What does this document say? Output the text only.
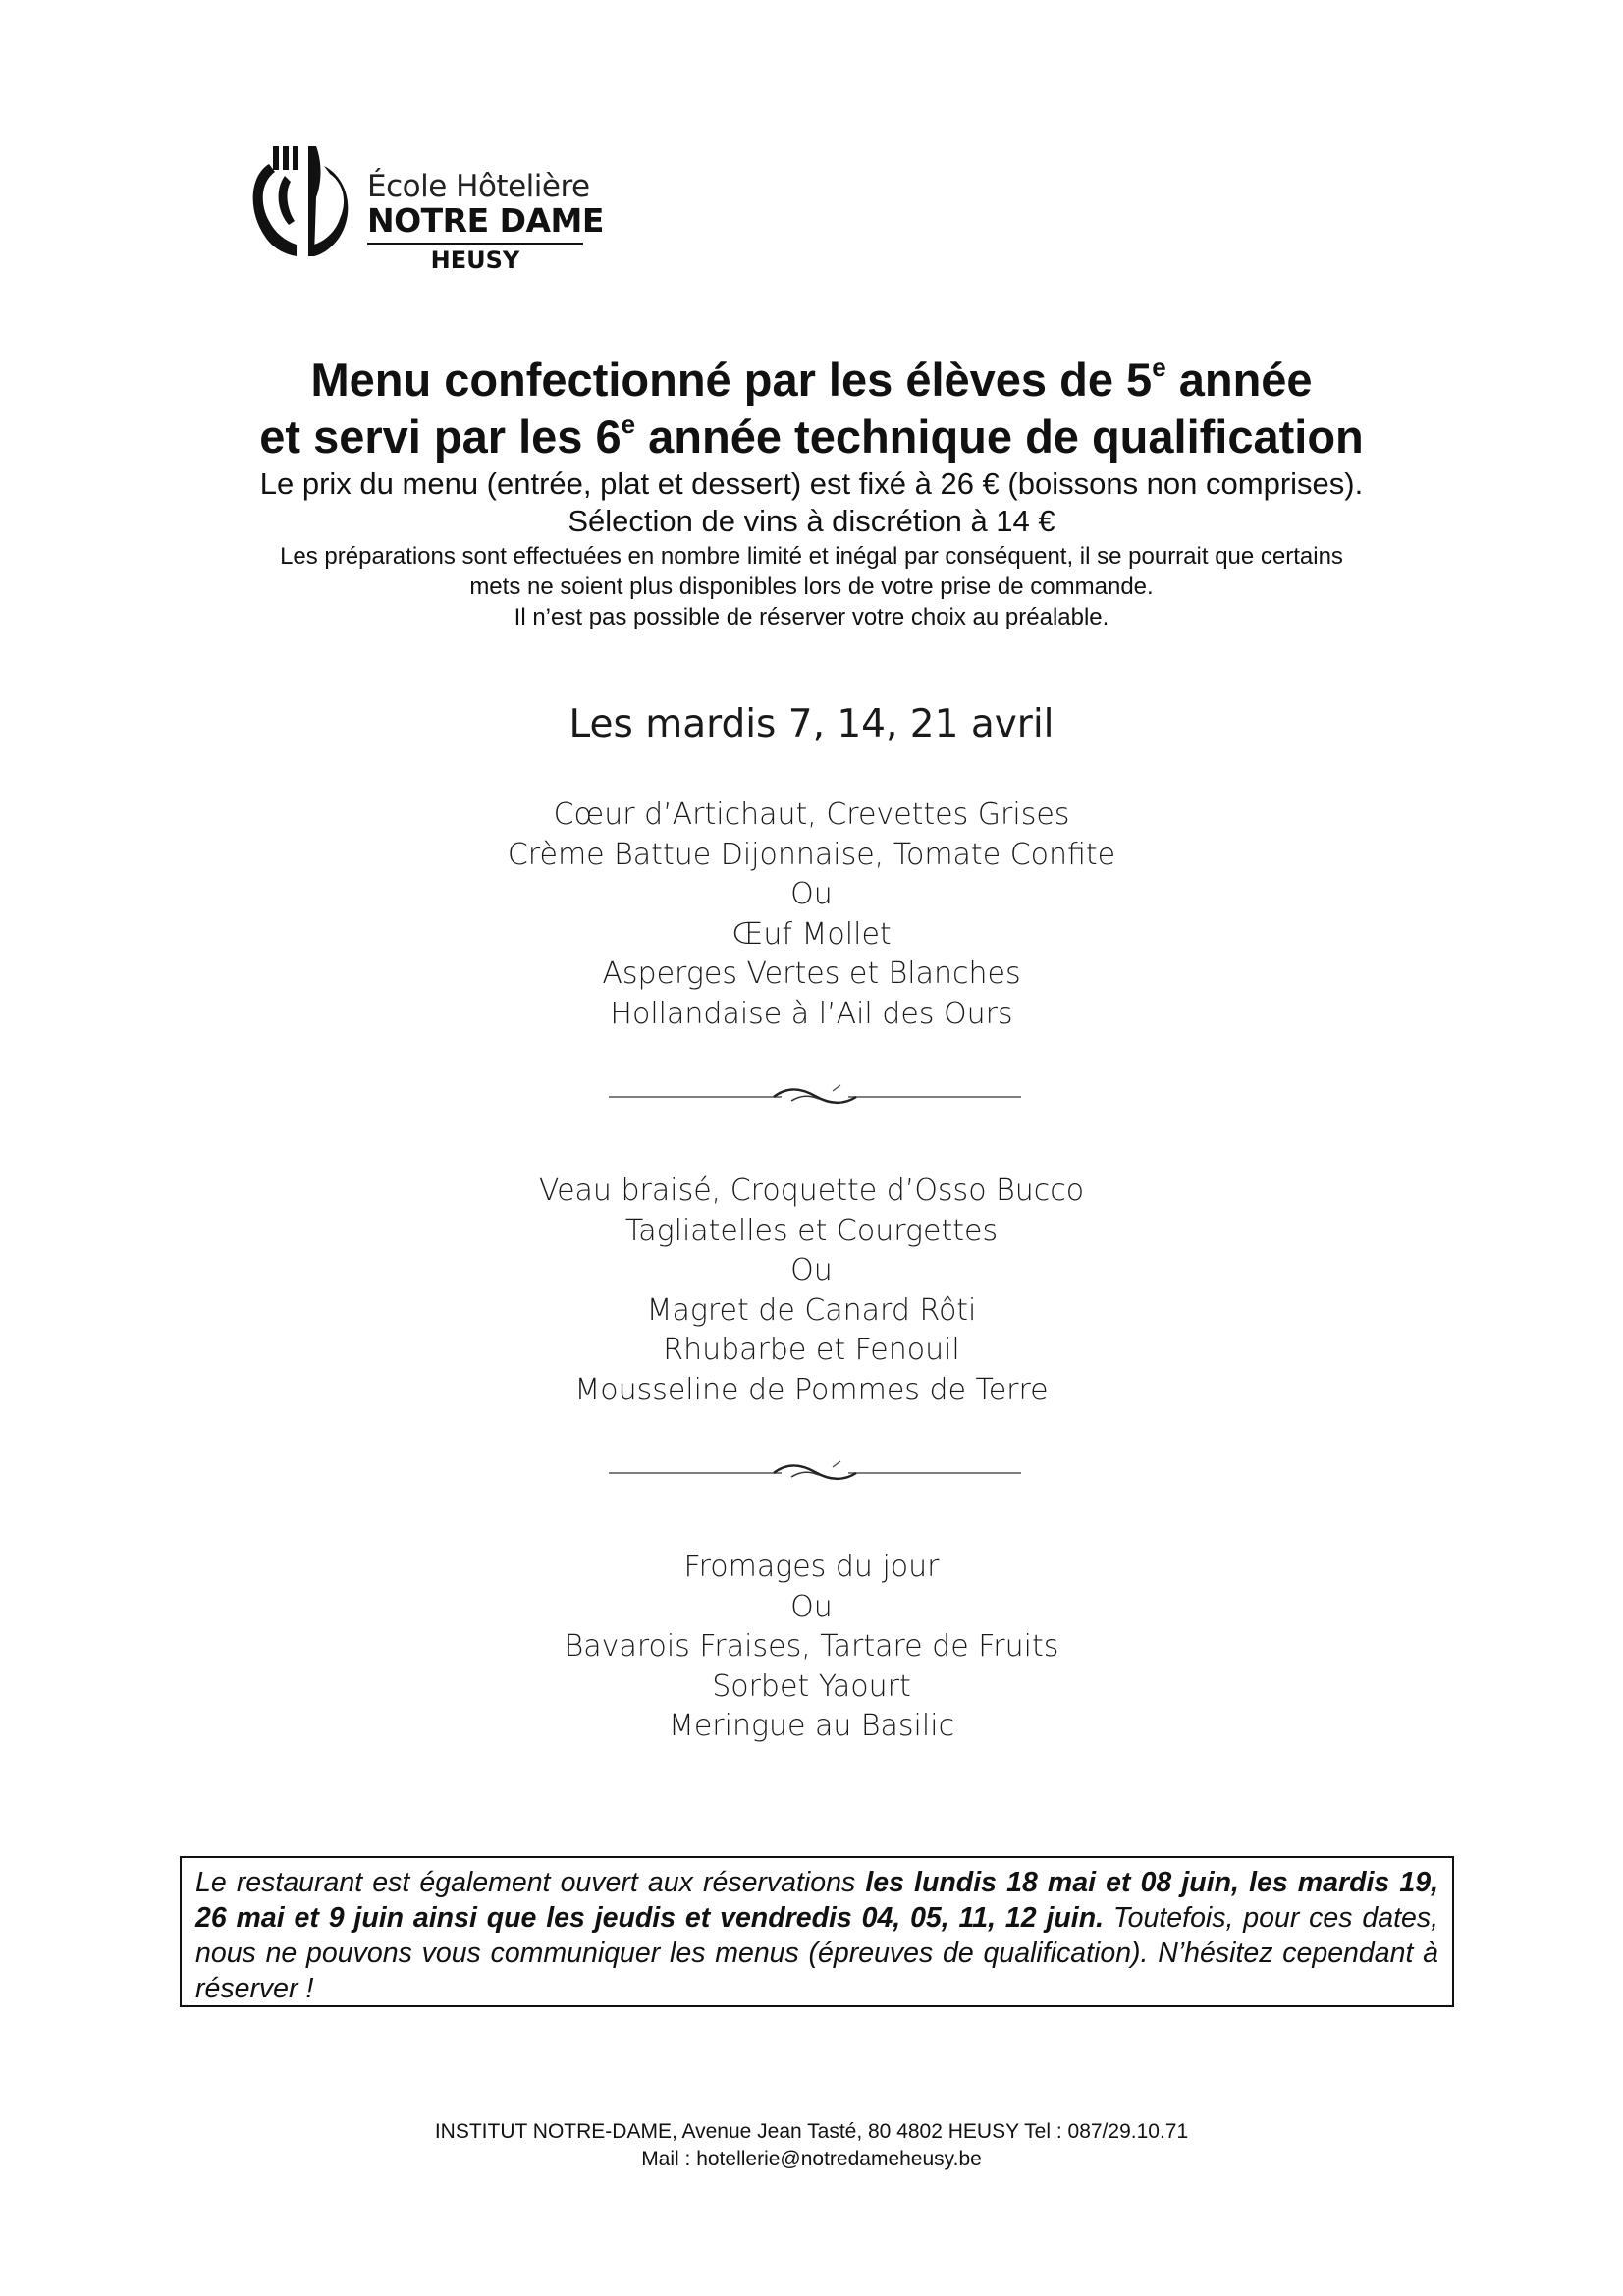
École Hôtelière
NOTRE DAME
HEUSY
Menu confectionné par les élèves de 5e année
et servi par les 6e année technique de qualification
Le prix du menu (entrée, plat et dessert) est fixé à 26 € (boissons non comprises).
Sélection de vins à discrétion à 14 €
Les préparations sont effectuées en nombre limité et inégal par conséquent, il se pourrait que certains
mets ne soient plus disponibles lors de votre prise de commande.
Il n’est pas possible de réserver votre choix au préalable.
Les mardis 7, 14, 21 avril
Cœur d’Artichaut, Crevettes Grises
Crème Battue Dijonnaise, Tomate Confite
Ou
Œuf Mollet
Asperges Vertes et Blanches
Hollandaise à l’Ail des Ours
Veau braisé, Croquette d’Osso Bucco
Tagliatelles et Courgettes
Ou
Magret de Canard Rôti
Rhubarbe et Fenouil
Mousseline de Pommes de Terre
Fromages du jour
Ou
Bavarois Fraises, Tartare de Fruits
Sorbet Yaourt
Meringue au Basilic
Le restaurant est également ouvert aux réservations les lundis 18 mai et 08 juin, les mardis 19, 26 mai et 9 juin ainsi que les jeudis et vendredis 04, 05, 11, 12 juin. Toutefois, pour ces dates, nous ne pouvons vous communiquer les menus (épreuves de qualification). N’hésitez cependant à réserver !
INSTITUT NOTRE-DAME, Avenue Jean Tasté, 80 4802 HEUSY Tel : 087/29.10.71
Mail : hotellerie@notredameheusy.be
